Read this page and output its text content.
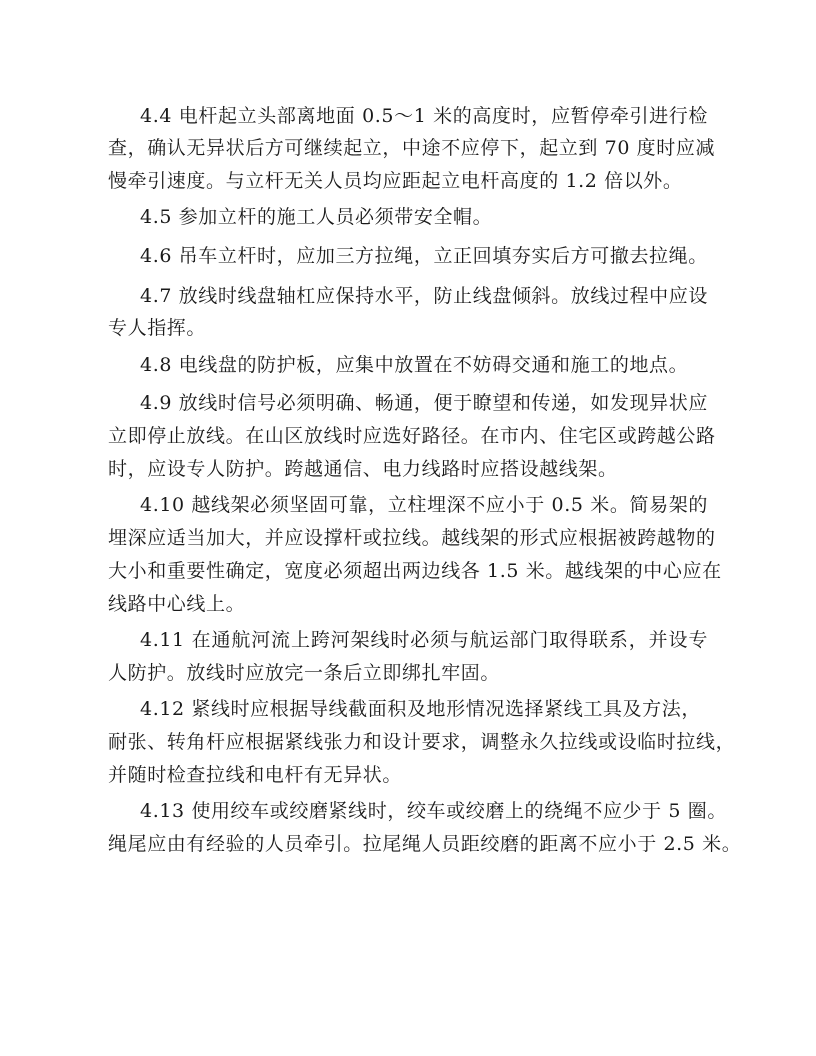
4.4 电杆起立头部离地面 0.5～1 米的高度时，应暂停牵引进行检
查，确认无异状后方可继续起立，中途不应停下，起立到 70 度时应减
慢牵引速度。与立杆无关人员均应距起立电杆高度的 1.2 倍以外。
4.5 参加立杆的施工人员必须带安全帽。
4.6 吊车立杆时，应加三方拉绳，立正回填夯实后方可撤去拉绳。
4.7 放线时线盘轴杠应保持水平，防止线盘倾斜。放线过程中应设
专人指挥。
4.8 电线盘的防护板，应集中放置在不妨碍交通和施工的地点。
4.9 放线时信号必须明确、畅通，便于瞭望和传递，如发现异状应
立即停止放线。在山区放线时应选好路径。在市内、住宅区或跨越公路
时，应设专人防护。跨越通信、电力线路时应搭设越线架。
4.10 越线架必须坚固可靠，立柱埋深不应小于 0.5 米。简易架的
埋深应适当加大，并应设撑杆或拉线。越线架的形式应根据被跨越物的
大小和重要性确定，宽度必须超出两边线各 1.5 米。越线架的中心应在
线路中心线上。
4.11 在通航河流上跨河架线时必须与航运部门取得联系，并设专
人防护。放线时应放完一条后立即绑扎牢固。
4.12 紧线时应根据导线截面积及地形情况选择紧线工具及方法，
耐张、转角杆应根据紧线张力和设计要求，调整永久拉线或设临时拉线，
并随时检查拉线和电杆有无异状。
4.13 使用绞车或绞磨紧线时，绞车或绞磨上的绕绳不应少于 5 圈。
绳尾应由有经验的人员牵引。拉尾绳人员距绞磨的距离不应小于 2.5 米。
